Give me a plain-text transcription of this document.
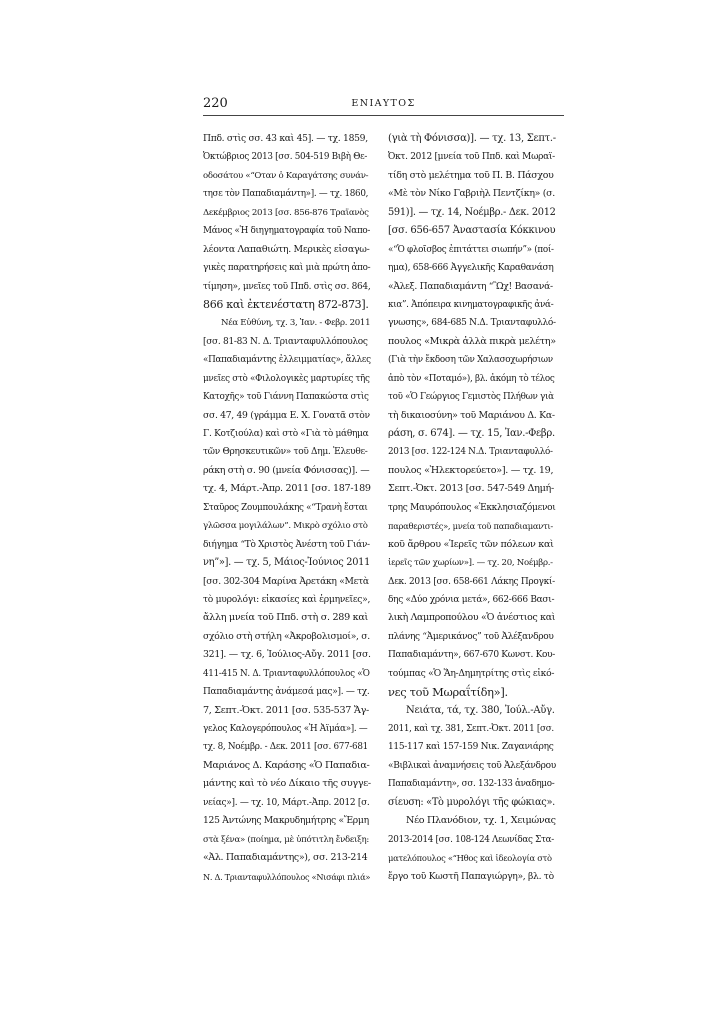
220	ΕΝΙΑΥΤΟΣ
Ππδ. στὶς σσ. 43 καὶ 45]. — τχ. 1859,
Ὀκτώβριος 2013 [σσ. 504-519 Βιβὴ Θε-
οδοσάτου «“Οταν ὁ Καραγάτσης συνάν-
τησε τὸν Παπαδιαμάντη»]. — τχ. 1860,
Δεκέμβριος 2013 [σσ. 856-876 Τραϊανὸς
Μάνος «Ἡ διηγηματογραφία τοῦ Ναπο-
λέοντα Λαπαθιώτη. Μερικὲς εἰσαγω-
γικὲς παρατηρήσεις καὶ μιὰ πρώτη ἀπο-
τίμηση», μνεῖες τοῦ Ππδ. στὶς σσ. 864,
866 καὶ ἐκτενέστατη 872-873].
Νέα Εὐθύνη, τχ. 3, Ἰαν. - Φεβρ. 2011
[σσ. 81-83 Ν. Δ. Τριανταφυλλόπουλος
«Παπαδιαμάντης ἐλλειμματίας», ἄλλες
μνεῖες στὸ «Φιλολογικὲς μαρτυρίες τῆς
Κατοχῆς» τοῦ Γιάννη Παπακώστα στὶς
σσ. 47, 49 (γράμμα Ε. Χ. Γονατᾶ στὸν
Γ. Κοτζιούλα) καὶ στὸ «Γιὰ τὸ μάθημα
τῶν Θρησκευτικῶν» τοῦ Δημ. Ἐλευθε-
ράκη στὴ σ. 90 (μνεία Φόνισσας)]. —
τχ. 4, Μάρτ.-Ἀπρ. 2011 [σσ. 187-189
Σταῦρος Ζουμπουλάκης «“Τρανὴ ἔσται
γλῶσσα μογιλάλων”. Μικρὸ σχόλιο στὸ
διήγημα “Τὸ Χριστὸς Ἀνέστη τοῦ Γιάν-
νη”»]. — τχ. 5, Μάιος-Ἰούνιος 2011
[σσ. 302-304 Μαρίνα Ἀρετάκη «Μετὰ
τὸ μυρολόγι: εἰκασίες καὶ ἑρμηνεῖες»,
ἄλλη μνεία τοῦ Ππδ. στὴ σ. 289 καὶ
σχόλιο στὴ στήλη «Ἀκροβολισμοί», σ.
321]. — τχ. 6, Ἰούλιος-Αὔγ. 2011 [σσ.
411-415 Ν. Δ. Τριανταφυλλόπουλος «Ὁ
Παπαδιαμάντης ἀνάμεσά μας»]. — τχ.
7, Σεπτ.-Ὀκτ. 2011 [σσ. 535-537 Ἄγ-
γελος Καλογερόπουλος «Ἡ Ἀϊμάα»]. —
τχ. 8, Νοέμβρ. - Δεκ. 2011 [σσ. 677-681
Μαριάνος Δ. Καράσης «Ὁ Παπαδια-
μάντης καὶ τὸ νέο Δίκαιο τῆς συγγε-
νείας»]. — τχ. 10, Μάρτ.-Ἀπρ. 2012 [σ.
125 Ἀντώνης Μακρυδημήτρης «Ἔρμη
στὰ ξένα» (ποίημα, μὲ ὑπότιτλη ἔνδειξη:
«Ἀλ. Παπαδιαμάντης»), σσ. 213-214
Ν. Δ. Τριανταφυλλόπουλος «Νισάφι πλιά»
(γιὰ τὴ Φόνισσα)]. — τχ. 13, Σεπτ.-
Ὀκτ. 2012 [μνεία τοῦ Ππδ. καὶ Μωραϊ-
τίδη στὸ μελέτημα τοῦ Π. Β. Πάσχου
«Μὲ τὸν Νίκο Γαβριὴλ Πεντζίκη» (σ.
591)]. — τχ. 14, Νοέμβρ.- Δεκ. 2012
[σσ. 656-657 Ἀναστασία Κόκκινου
«“Ὁ φλοῖσβος ἐπιτάττει σιωπήν”» (ποί-
ημα), 658-666 Ἀγγελικῆς Καραθανάση
«Ἀλεξ. Παπαδιαμάντη “Ὢχ! Βασανά-
κια”. Ἀπόπειρα κινηματογραφικῆς ἀνά-
γνωσης», 684-685 Ν.Δ. Τριανταφυλλό-
πουλος «Μικρὰ ἀλλὰ πικρὰ μελέτη»
(Γιὰ τὴν ἔκδοση τῶν Χαλασοχωρήσιων
ἀπὸ τὸν «Ποταμό»), βλ. ἀκόμη τὸ τέλος
τοῦ «Ὁ Γεώργιος Γεμιστὸς Πλήθων γιὰ
τὴ δικαιοσύνη» τοῦ Μαριάνου Δ. Κα-
ράση, σ. 674]. — τχ. 15, Ἰαν.-Φεβρ.
2013 [σσ. 122-124 Ν.Δ. Τριανταφυλλό-
πουλος «Ἠλεκτορεύετο»]. — τχ. 19,
Σεπτ.-Ὀκτ. 2013 [σσ. 547-549 Δημή-
τρης Μαυρόπουλος «Ἐκκλησιαζόμενοι
παραθεριστές», μνεία τοῦ παπαδιαμαντι-
κοῦ ἄρθρου «Ἱερεῖς τῶν πόλεων καὶ
ἱερεῖς τῶν χωρίων»]. — τχ. 20, Νοέμβρ.-
Δεκ. 2013 [σσ. 658-661 Λάκης Προγκί-
δης «Δύο χρόνια μετά», 662-666 Βασι-
λικὴ Λαμπροπούλου «Ὁ ἀνέστιος καὶ
πλάνης “Ἀμερικάνος” τοῦ Ἀλέξανδρου
Παπαδιαμάντη», 667-670 Κωνστ. Κου-
τούμπας «Ὁ Ἅη-Δημητρίτης στὶς εἰκό-
νες τοῦ Μωραΐτίδη»].
Νειάτα, τά, τχ. 380, Ἰούλ.-Αὔγ.
2011, καὶ τχ. 381, Σεπτ.-Ὀκτ. 2011 [σσ.
115-117 καὶ 157-159 Νικ. Ζαγανιάρης
«Βιβλικαὶ ἀναμνήσεις τοῦ Ἀλεξάνδρου
Παπαδιαμάντη», σσ. 132-133 ἀναδημο-
σίευση: «Τὸ μυρολόγι τῆς φώκιας».
Νέο Πλανόδιον, τχ. 1, Χειμώνας
2013-2014 [σσ. 108-124 Λεωνίδας Στα-
ματελόπουλος «“Ηθος καὶ ἰδεολογία στὸ
ἔργο τοῦ Κωστῆ Παπαγιώργη», βλ. τὸ
